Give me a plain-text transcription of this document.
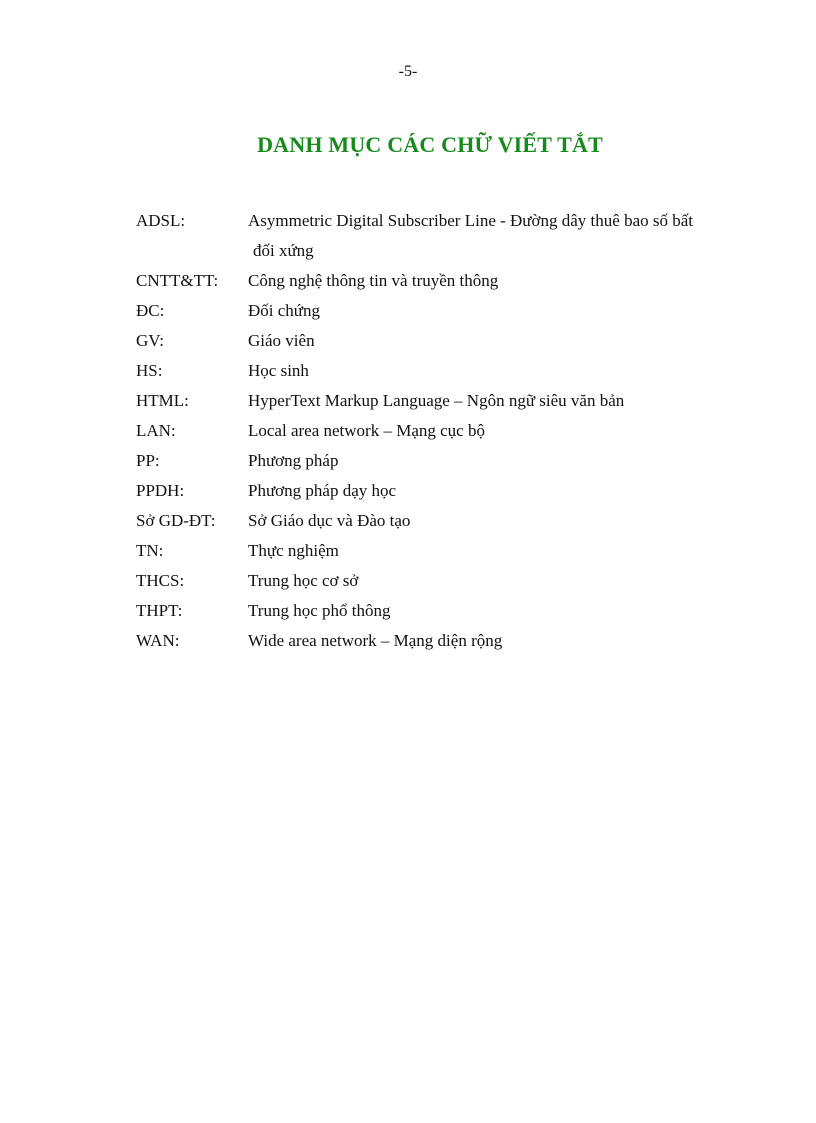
-5-
DANH MỤC CÁC CHỮ VIẾT TẮT
ADSL:	Asymmetric Digital Subscriber Line - Đường dây thuê bao số bất
đối xứng
CNTT&TT:	Công nghệ thông tin và truyền thông
ĐC:	Đối chứng
GV:	Giáo viên
HS:	Học sinh
HTML:	HyperText Markup Language – Ngôn ngữ siêu văn bản
LAN:	Local area network – Mạng cục bộ
PP:	Phương pháp
PPDH:	Phương pháp dạy học
Sở GD-ĐT:	Sở Giáo dục và Đào tạo
TN:	Thực nghiệm
THCS:	Trung học cơ sở
THPT:	Trung học phổ thông
WAN:	Wide area network – Mạng diện rộng
